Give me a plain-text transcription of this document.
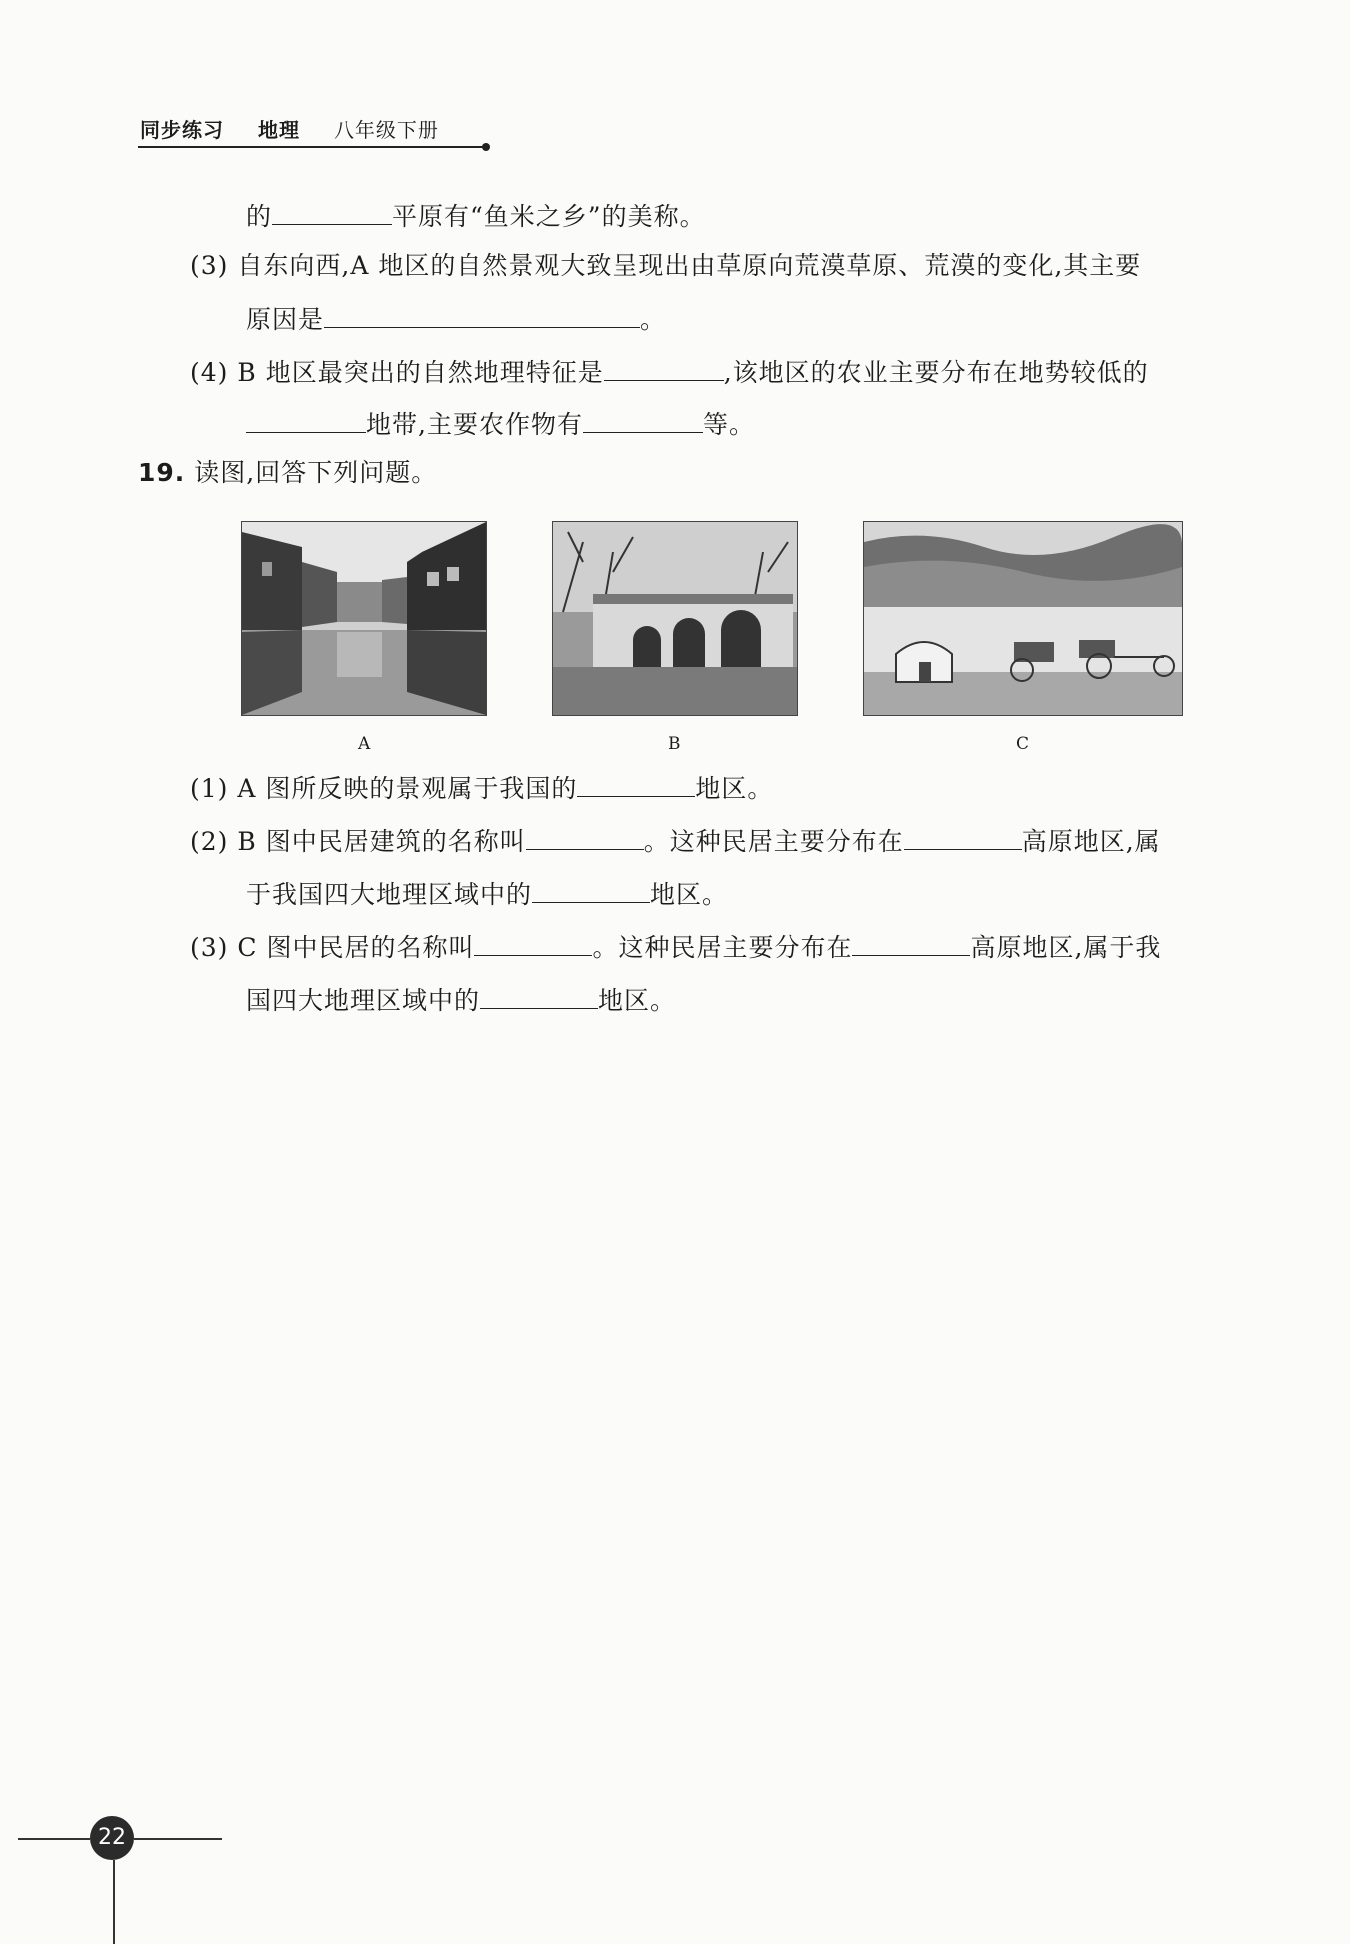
同步练习 地理 八年级下册
的	平原有“鱼米之乡”的美称。
(3) 自东向西,A 地区的自然景观大致呈现出由草原向荒漠草原、荒漠的变化,其主要
原因是	。
(4) B 地区最突出的自然地理特征是	,该地区的农业主要分布在地势较低的
地带,主要农作物有	等。
19. 读图,回答下列问题。
A	B	C
(1) A 图所反映的景观属于我国的	地区。
(2) B 图中民居建筑的名称叫	。这种民居主要分布在	高原地区,属
于我国四大地理区域中的	地区。
(3) C 图中民居的名称叫	。这种民居主要分布在	高原地区,属于我
国四大地理区域中的	地区。
22
